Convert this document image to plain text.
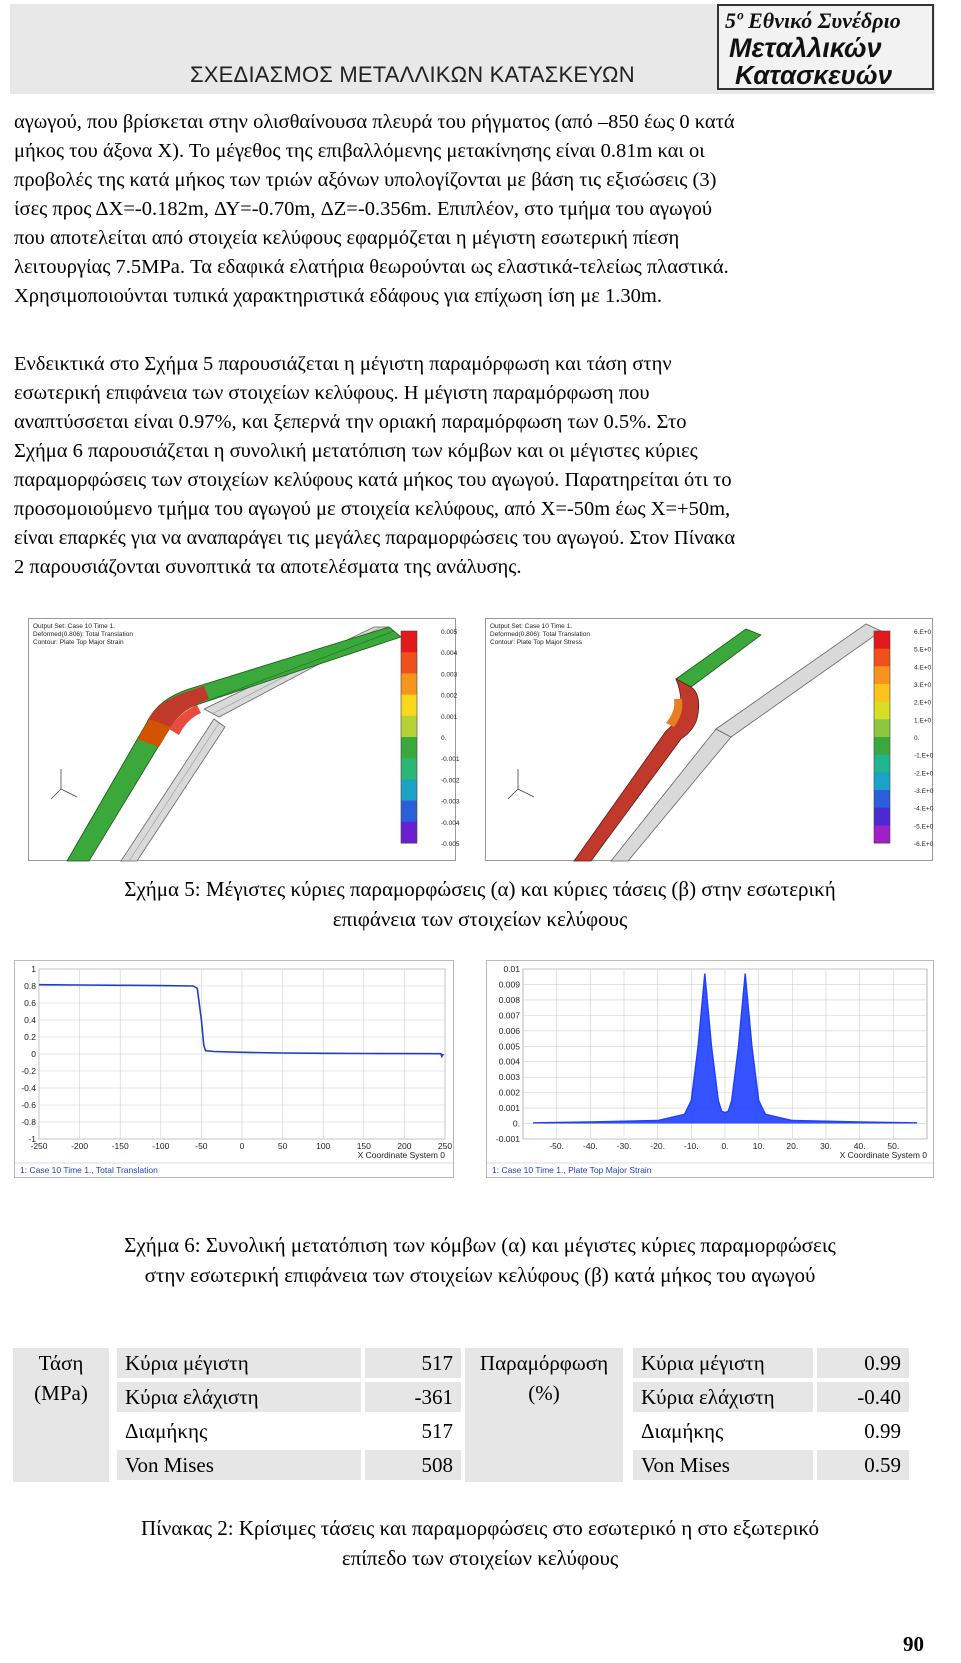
ΣΧΕΔΙΑΣΜΟΣ ΜΕΤΑΛΛΙΚΩΝ ΚΑΤΑΣΚΕΥΩΝ
5º Εθνικό Συνέδριο
Μεταλλικών
Κατασκευών
αγωγού, που βρίσκεται στην ολισθαίνουσα πλευρά του ρήγματος (από –850 έως 0 κατά
μήκος του άξονα Χ). Το μέγεθος της επιβαλλόμενης μετακίνησης είναι 0.81m και οι
προβολές της κατά μήκος των τριών αξόνων υπολογίζονται με βάση τις εξισώσεις (3)
ίσες προς ΔΧ=-0.182m, ΔΥ=-0.70m, ΔΖ=-0.356m. Επιπλέον, στο τμήμα του αγωγού
που αποτελείται από στοιχεία κελύφους εφαρμόζεται η μέγιστη εσωτερική πίεση
λειτουργίας 7.5MPa. Τα εδαφικά ελατήρια θεωρούνται ως ελαστικά-τελείως πλαστικά.
Χρησιμοποιούνται τυπικά χαρακτηριστικά εδάφους για επίχωση ίση με 1.30m.
Ενδεικτικά στο Σχήμα 5 παρουσιάζεται η μέγιστη παραμόρφωση και τάση στην
εσωτερική επιφάνεια των στοιχείων κελύφους. Η μέγιστη παραμόρφωση που
αναπτύσσεται είναι 0.97%, και ξεπερνά την οριακή παραμόρφωση των 0.5%. Στο
Σχήμα 6 παρουσιάζεται η συνολική μετατόπιση των κόμβων και οι μέγιστες κύριες
παραμορφώσεις των στοιχείων κελύφους κατά μήκος του αγωγού. Παρατηρείται ότι το
προσομοιούμενο τμήμα του αγωγού με στοιχεία κελύφους, από Χ=-50m έως Χ=+50m,
είναι επαρκές για να αναπαράγει τις μεγάλες παραμορφώσεις του αγωγού. Στον Πίνακα
2 παρουσιάζονται συνοπτικά τα αποτελέσματα της ανάλυσης.
Output Set: Case 10 Time 1.
Deformed(0.806): Total Translation
Contour: Plate Top Major Strain
0.005
0.004
0.003
0.002
0.001
0.
-0.001
-0.002
-0.003
-0.004
-0.005
Output Set: Case 10 Time 1.
Deformed(0.806): Total Translation
Contour: Plate Top Major Stress
6.E+0
5.E+0
4.E+0
3.E+0
2.E+0
1.E+0
0.
-1.E+0
-2.E+0
-3.E+0
-4.E+0
-5.E+0
-6.E+0
Σχήμα 5: Μέγιστες κύριες παραμορφώσεις (α) και κύριες τάσεις (β) στην εσωτερική
επιφάνεια των στοιχείων κελύφους
1
0.8
0.6
0.4
0.2
0
-0.2
-0.4
-0.6
-0.8
-1
-250	-200	-150	-100	-50	0	50	100	150	200	250
X Coordinate System 0
1: Case 10 Time 1., Total Translation
0.01
0.009
0.008
0.007
0.006
0.005
0.004
0.003
0.002
0.001
0.
-0.001
-50. -40. -30. -20. -10.	0.	10.	20.	30.	40.	50.
X Coordinate System 0
1: Case 10 Time 1., Plate Top Major Strain
Σχήμα 6: Συνολική μετατόπιση των κόμβων (α) και μέγιστες κύριες παραμορφώσεις
στην εσωτερική επιφάνεια των στοιχείων κελύφους (β) κατά μήκος του αγωγού
Τάση
(MPa)
Κύρια μέγιστη	517
Κύρια ελάχιστη	-361
Διαμήκης	517
Von Mises	508
Παραμόρφωση
(%)
Κύρια μέγιστη	0.99
Κύρια ελάχιστη	-0.40
Διαμήκης	0.99
Von Mises	0.59
Πίνακας 2: Κρίσιμες τάσεις και παραμορφώσεις στο εσωτερικό η στο εξωτερικό
επίπεδο των στοιχείων κελύφους
90
